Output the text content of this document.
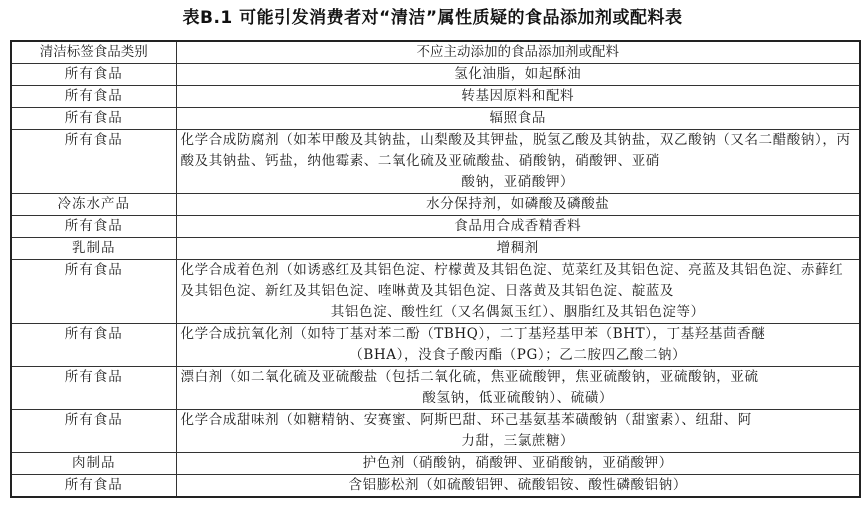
表B.1 可能引发消费者对“清洁”属性质疑的食品添加剂或配料表
清洁标签食品类别	不应主动添加的食品添加剂或配料
所有食品	氢化油脂，如起酥油
所有食品	转基因原料和配料
所有食品	辐照食品
所有食品	化学合成防腐剂（如苯甲酸及其钠盐，山梨酸及其钾盐，脱氢乙酸及其钠盐，双乙酸钠（又名二醋酸钠），丙酸及其钠盐、钙盐，纳他霉素、二氧化硫及亚硫酸盐、硝酸钠，硝酸钾、亚硝
酸钠，亚硝酸钾）

冷冻水产品	水分保持剂，如磷酸及磷酸盐
所有食品	食品用合成香精香料
乳制品	增稠剂
所有食品	化学合成着色剂（如诱惑红及其铝色淀、柠檬黄及其铝色淀、苋菜红及其铝色淀、亮蓝及其铝色淀、赤藓红及其铝色淀、新红及其铝色淀、喹啉黄及其铝色淀、日落黄及其铝色淀、靛蓝及
其铝色淀、酸性红（又名偶氮玉红）、胭脂红及其铝色淀等）

所有食品	化学合成抗氧化剂（如特丁基对苯二酚（TBHQ），二丁基羟基甲苯（BHT），丁基羟基茴香醚
（BHA），没食子酸丙酯（PG）；乙二胺四乙酸二钠）

所有食品	漂白剂（如二氧化硫及亚硫酸盐（包括二氧化硫，焦亚硫酸钾，焦亚硫酸钠，亚硫酸钠，亚硫
酸氢钠，低亚硫酸钠）、硫磺）

所有食品	化学合成甜味剂（如糖精钠、安赛蜜、阿斯巴甜、环己基氨基苯磺酸钠（甜蜜素）、纽甜、阿
力甜，三氯蔗糖）

肉制品	护色剂（硝酸钠，硝酸钾、亚硝酸钠，亚硝酸钾）
所有食品	含铝膨松剂（如硫酸铝钾、硫酸铝铵、酸性磷酸铝钠）
